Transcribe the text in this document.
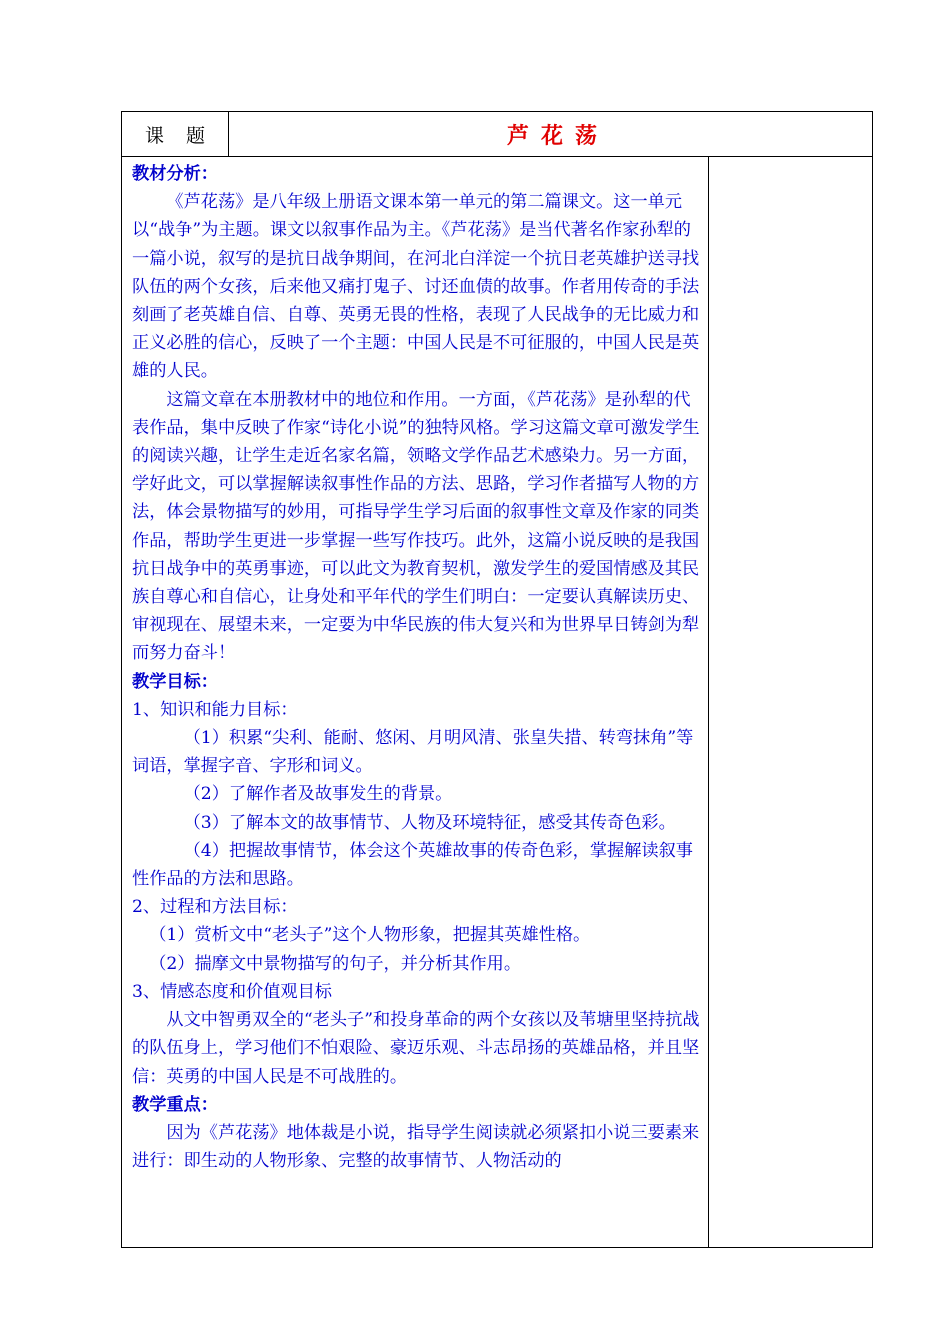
课题	芦花荡

教材分析：

《芦花荡》是八年级上册语文课本第一单元的第二篇课文。这一单元以“战争”为主题。课文以叙事作品为主。《芦花荡》是当代著名作家孙犁的一篇小说，叙写的是抗日战争期间，在河北白洋淀一个抗日老英雄护送寻找队伍的两个女孩，后来他又痛打鬼子、讨还血债的故事。作者用传奇的手法刻画了老英雄自信、自尊、英勇无畏的性格，表现了人民战争的无比威力和正义必胜的信心，反映了一个主题：中国人民是不可征服的，中国人民是英雄的人民。

这篇文章在本册教材中的地位和作用。一方面，《芦花荡》是孙犁的代表作品，集中反映了作家“诗化小说”的独特风格。学习这篇文章可激发学生的阅读兴趣，让学生走近名家名篇，领略文学作品艺术感染力。另一方面，学好此文，可以掌握解读叙事性作品的方法、思路，学习作者描写人物的方法，体会景物描写的妙用，可指导学生学习后面的叙事性文章及作家的同类作品，帮助学生更进一步掌握一些写作技巧。此外，这篇小说反映的是我国抗日战争中的英勇事迹，可以此文为教育契机，激发学生的爱国情感及其民族自尊心和自信心，让身处和平年代的学生们明白：一定要认真解读历史、审视现在、展望未来，一定要为中华民族的伟大复兴和为世界早日铸剑为犁而努力奋斗！

教学目标：

1、知识和能力目标：

（1）积累“尖利、能耐、悠闲、月明风清、张皇失措、转弯抹角”等词语，掌握字音、字形和词义。

（2）了解作者及故事发生的背景。

（3）了解本文的故事情节、人物及环境特征，感受其传奇色彩。

（4）把握故事情节，体会这个英雄故事的传奇色彩，掌握解读叙事性作品的方法和思路。

2、过程和方法目标：

（1）赏析文中“老头子”这个人物形象，把握其英雄性格。

（2）揣摩文中景物描写的句子，并分析其作用。

3、情感态度和价值观目标

从文中智勇双全的“老头子”和投身革命的两个女孩以及苇塘里坚持抗战的队伍身上，学习他们不怕艰险、豪迈乐观、斗志昂扬的英雄品格，并且坚信：英勇的中国人民是不可战胜的。

教学重点：

因为《芦花荡》地体裁是小说，指导学生阅读就必须紧扣小说三要素来进行：即生动的人物形象、完整的故事情节、人物活动的
